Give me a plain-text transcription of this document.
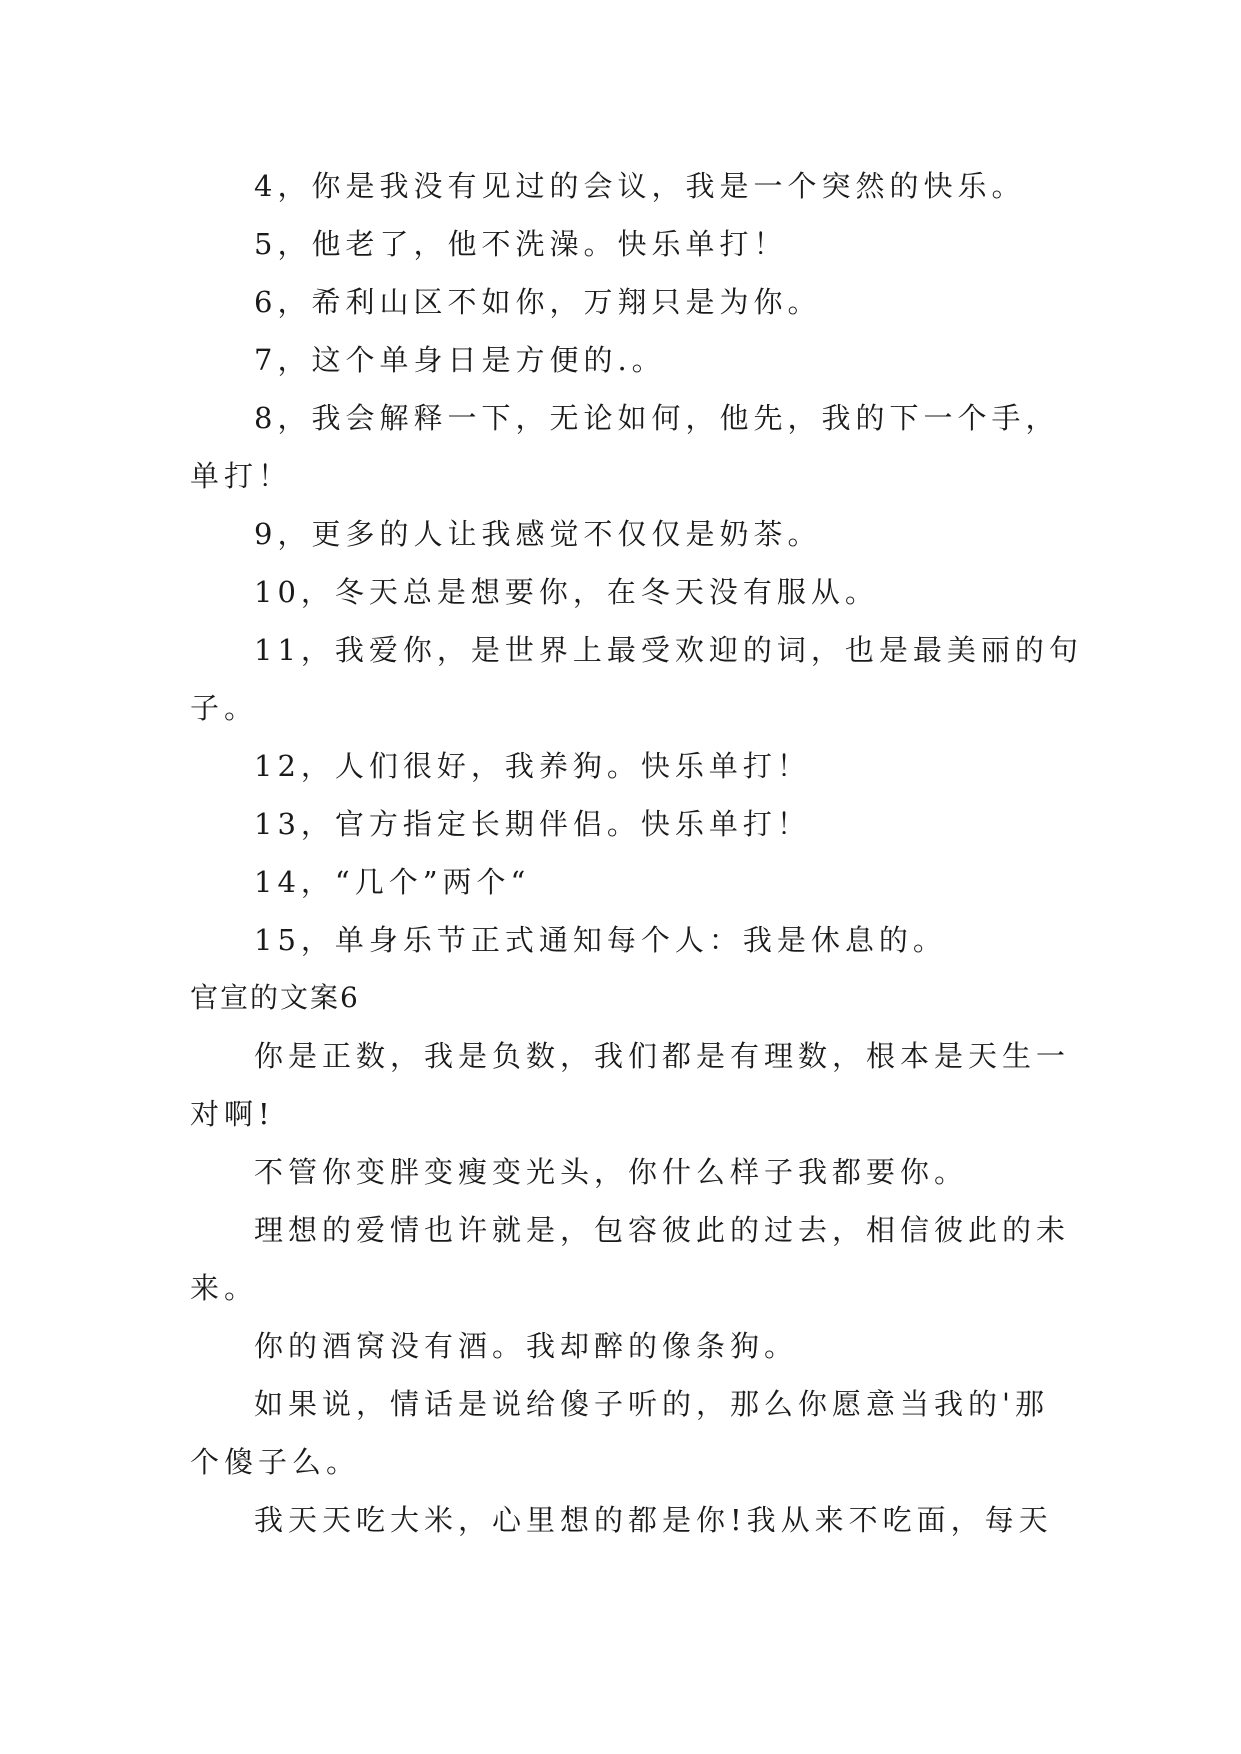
4，你是我没有见过的会议，我是一个突然的快乐。
5，他老了，他不洗澡。快乐单打！
6，希利山区不如你，万翔只是为你。
7，这个单身日是方便的.。
8，我会解释一下，无论如何，他先，我的下一个手，
单打！
9，更多的人让我感觉不仅仅是奶茶。
10，冬天总是想要你，在冬天没有服从。
11，我爱你，是世界上最受欢迎的词，也是最美丽的句
子。
12，人们很好，我养狗。快乐单打！
13，官方指定长期伴侣。快乐单打！
14，“几个”两个“
15，单身乐节正式通知每个人：我是休息的。
官宣的文案6
你是正数，我是负数，我们都是有理数，根本是天生一
对啊!
不管你变胖变瘦变光头，你什么样子我都要你。
理想的爱情也许就是，包容彼此的过去，相信彼此的未
来。
你的酒窝没有酒。我却醉的像条狗。
如果说，情话是说给傻子听的，那么你愿意当我的'那
个傻子么。
我天天吃大米，心里想的都是你!我从来不吃面，每天
